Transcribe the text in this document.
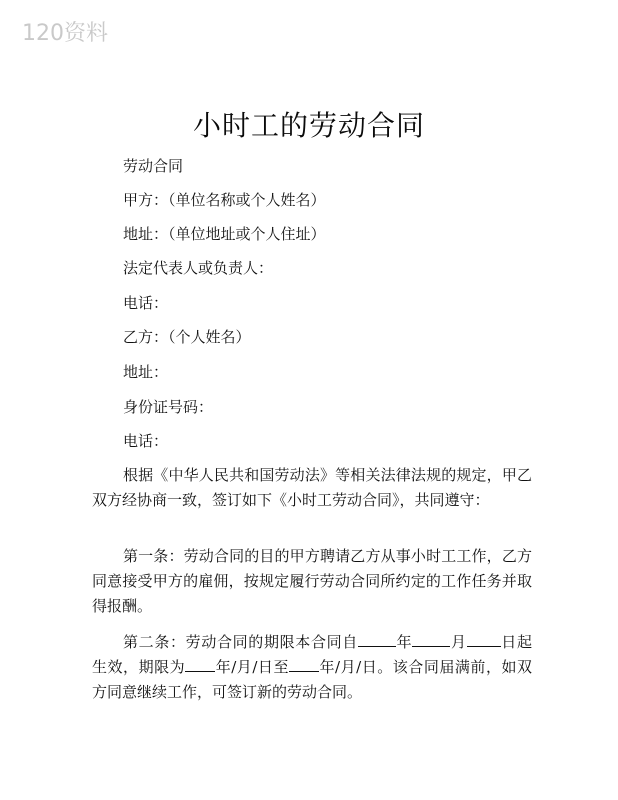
120资料
小时工的劳动合同
劳动合同
甲方：（单位名称或个人姓名）
地址：（单位地址或个人住址）
法定代表人或负责人：
电话：
乙方：（个人姓名）
地址：
身份证号码：
电话：
根据《中华人民共和国劳动法》等相关法律法规的规定，甲乙双方经协商一致，签订如下《小时工劳动合同》，共同遵守：
第一条：劳动合同的目的甲方聘请乙方从事小时工工作，乙方同意接受甲方的雇佣，按规定履行劳动合同所约定的工作任务并取得报酬。
第二条：劳动合同的期限本合同自	年	月 日起生效，期限为 年/月/日至 年/月/日。该合同届满前，如双方同意继续工作，可签订新的劳动合同。
